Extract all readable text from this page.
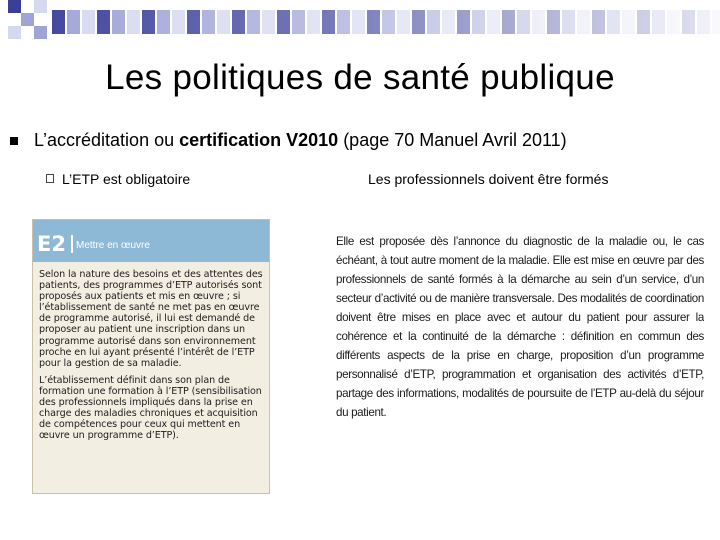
Les politiques de santé publique
L’accréditation ou certification V2010 (page 70 Manuel Avril 2011)
L’ETP est obligatoire	Les professionnels doivent être formés
E2 Mettre en œuvre

Selon la nature des besoins et des attentes des patients, des programmes d’ETP autorisés sont proposés aux patients et mis en œuvre ; si l’établissement de santé ne met pas en œuvre de programme autorisé, il lui est demandé de proposer au patient une inscription dans un programme autorisé dans son environnement proche en lui ayant présenté l’intérêt de l’ETP pour la gestion de sa maladie.

L’établissement définit dans son plan de formation une formation à l’ETP (sensibilisation des professionnels impliqués dans la prise en charge des maladies chroniques et acquisition de compétences pour ceux qui mettent en œuvre un programme d’ETP).

Elle est proposée dès l’annonce du diagnostic de la maladie ou, le cas échéant, à tout autre moment de la maladie. Elle est mise en œuvre par des professionnels de santé formés à la démarche au sein d’un service, d’un secteur d’activité ou de manière transversale. Des modalités de coordination doivent être mises en place avec et autour du patient pour assurer la cohérence et la continuité de la démarche : définition en commun des différents aspects de la prise en charge, proposition d’un programme personnalisé d’ETP, programmation et organisation des activités d’ETP, partage des informations, modalités de poursuite de l’ETP au-delà du séjour du patient.
